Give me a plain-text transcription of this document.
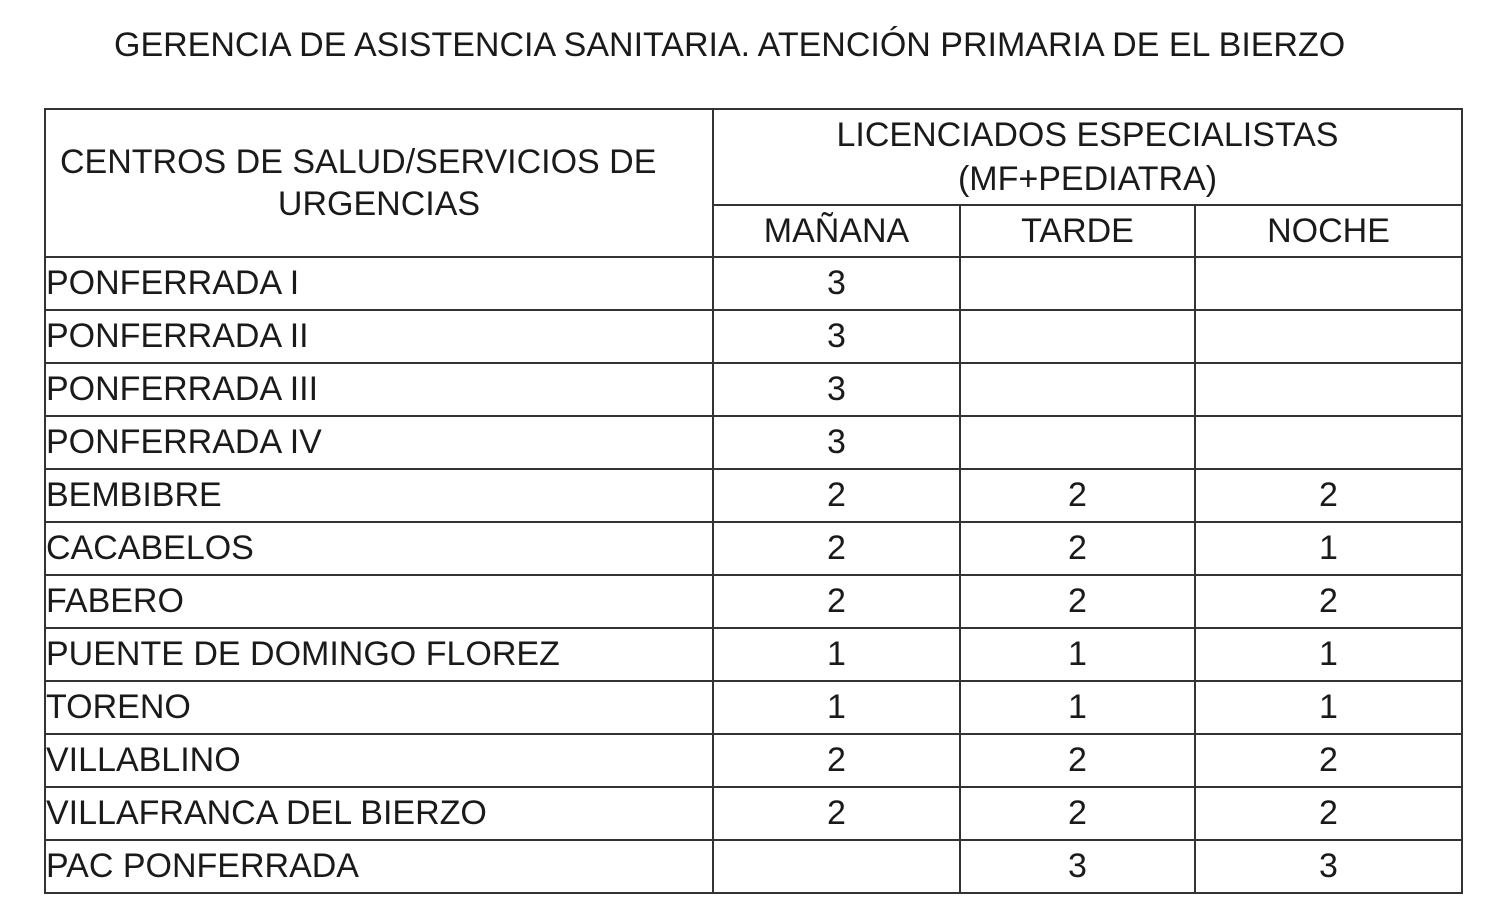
GERENCIA DE ASISTENCIA SANITARIA. ATENCIÓN PRIMARIA DE EL BIERZO
CENTROS DE SALUD/SERVICIOS DE
URGENCIAS	LICENCIADOS ESPECIALISTAS
(MF+PEDIATRA)		

	MAÑANA	TARDE	NOCHE
PONFERRADA I	3		
PONFERRADA II	3		
PONFERRADA III	3		
PONFERRADA IV	3		
BEMBIBRE	2	2	2
CACABELOS	2	2	1
FABERO	2	2	2
PUENTE DE DOMINGO FLOREZ	1	1	1
TORENO	1	1	1
VILLABLINO	2	2	2
VILLAFRANCA DEL BIERZO	2	2	2
PAC PONFERRADA		3	3
